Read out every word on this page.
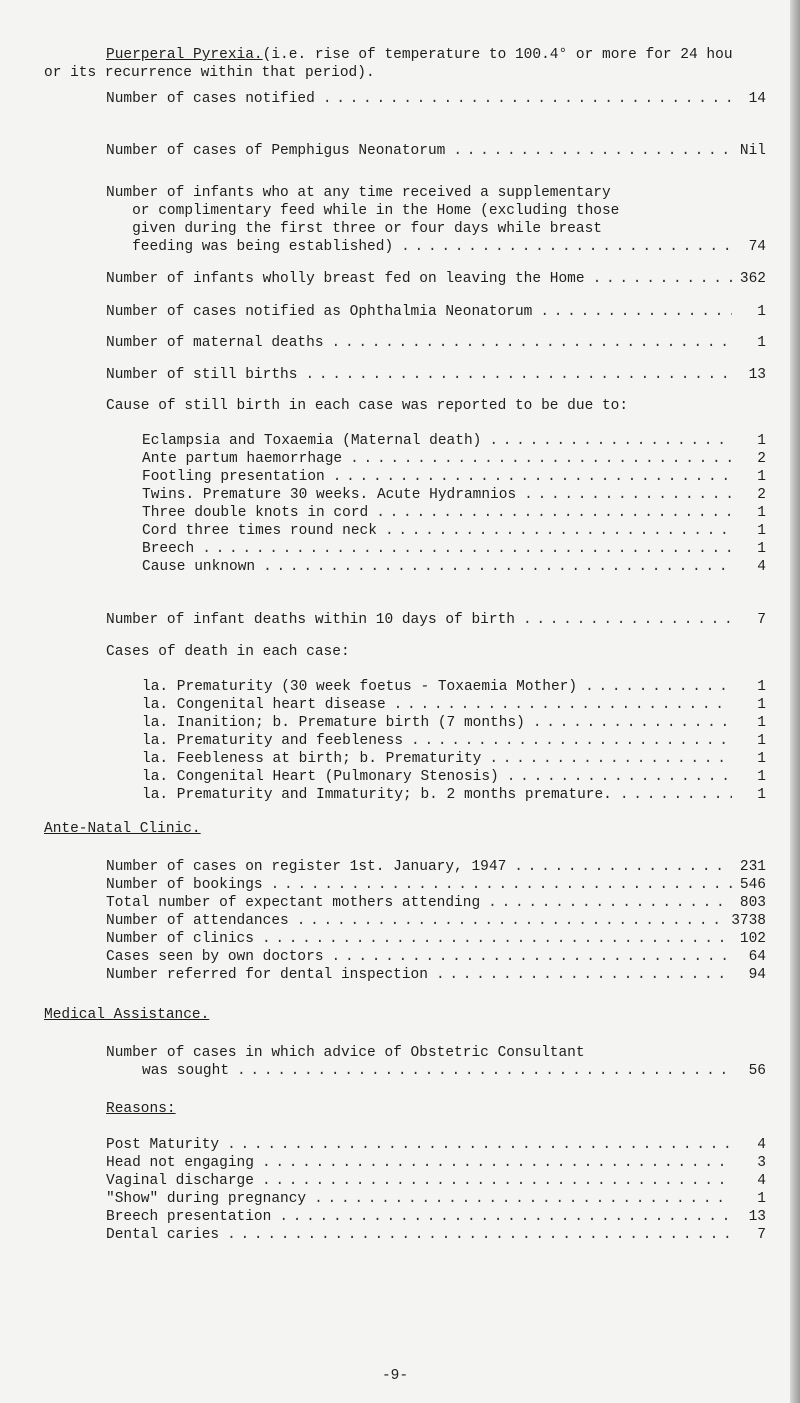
Puerperal Pyrexia.(i.e. rise of temperature to 100.4° or more for 24 hou
or its recurrence within that period).
Number of cases notified . . .	14
Number of cases of Pemphigus Neonatorum . . .	Nil
Number of infants who at any time received a supplementary
or complimentary feed while in the Home (excluding those
given during the first three or four days while breast
feeding was being established) . . .	74
Number of infants wholly breast fed on leaving the Home . . .	362
Number of cases notified as Ophthalmia Neonatorum . . .	1
Number of maternal deaths . . .	1
Number of still births . . .	13
Cause of still birth in each case was reported to be due to:
Eclampsia and Toxaemia (Maternal death) . . .	1
Ante partum haemorrhage . . .	2
Footling presentation . . .	1
Twins. Premature 30 weeks. Acute Hydramnios . . .	2
Three double knots in cord . . .	1
Cord three times round neck . . .	1
Breech . . .	1
Cause unknown . . .	4
Number of infant deaths within 10 days of birth . . .	7
Cases of death in each case:
la. Prematurity (30 week foetus - Toxaemia Mother) . . .	1
la. Congenital heart disease . . .	1
la. Inanition; b. Premature birth (7 months) . . .	1
la. Prematurity and feebleness . . .	1
la. Feebleness at birth; b. Prematurity . . .	1
la. Congenital Heart (Pulmonary Stenosis) . . .	1
la. Prematurity and Immaturity; b. 2 months premature. . . .	1
Ante-Natal Clinic.
Number of cases on register 1st. January, 1947 . . .	231
Number of bookings . . .	546
Total number of expectant mothers attending . . .	803
Number of attendances . . .	3738
Number of clinics . . .	102
Cases seen by own doctors . . .	64
Number referred for dental inspection . . .	94
Medical Assistance.
Number of cases in which advice of Obstetric Consultant
was sought . . .	56
Reasons:
Post Maturity . . .	4
Head not engaging . . .	3
Vaginal discharge . . .	4
"Show" during pregnancy . . .	1
Breech presentation . . .	13
Dental caries . . .	7
-9-
